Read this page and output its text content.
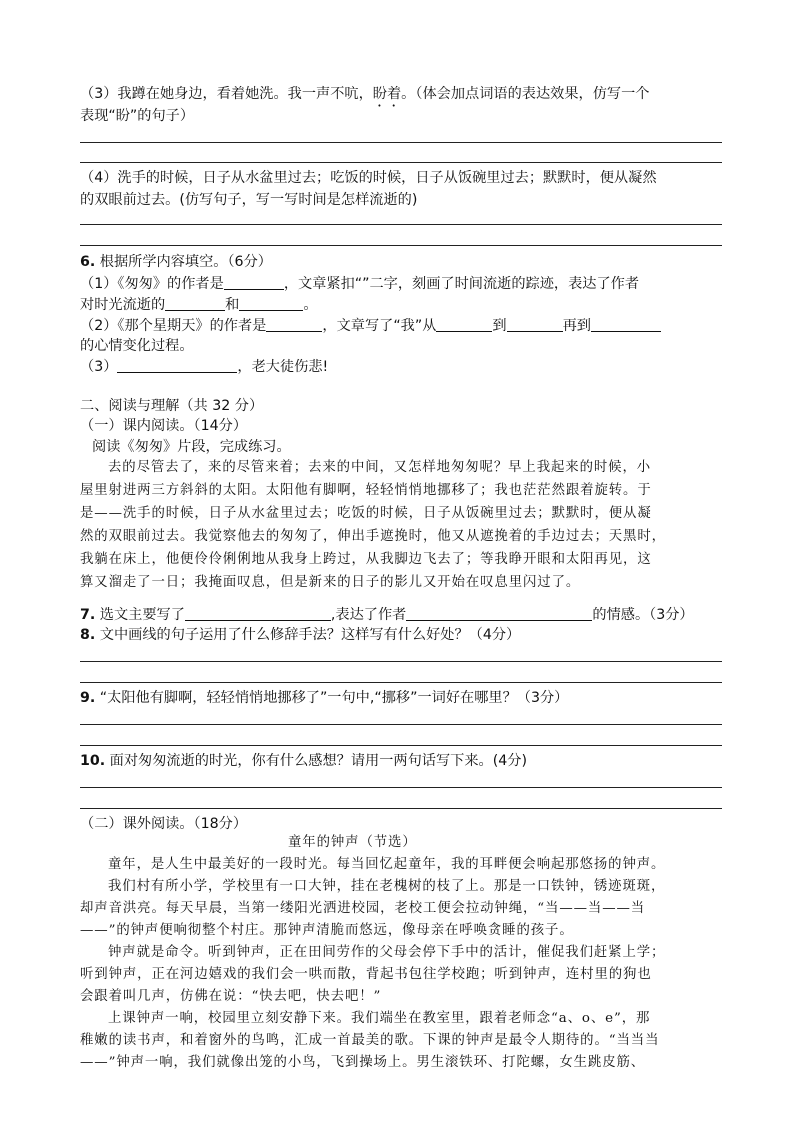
（3）我蹲在她身边，看着她洗。我一声不吭，盼着。（体会加点词语的表达效果，仿写一个
表现“盼”的句子）
（4）洗手的时候，日子从水盆里过去；吃饭的时候，日子从饭碗里过去；默默时，便从凝然
的双眼前过去。(仿写句子，写一写时间是怎样流逝的)
6. 根据所学内容填空。（6分）
（1）《匆匆》的作者是	，文章紧扣“”二字，刻画了时间流逝的踪迹，表达了作者
对时光流逝的	和	。
（2）《那个星期天》的作者是	，文章写了“我”从	到	再到
的心情变化过程。
（3）	，老大徒伤悲!
二、阅读与理解（共 32 分）
（一）课内阅读。（14分）
阅读《匆匆》片段，完成练习。
去的尽管去了，来的尽管来着；去来的中间，又怎样地匆匆呢？早上我起来的时候，小
屋里射进两三方斜斜的太阳。太阳他有脚啊，轻轻悄悄地挪移了；我也茫茫然跟着旋转。于
是——洗手的时候，日子从水盆里过去；吃饭的时候，日子从饭碗里过去；默默时，便从凝
然的双眼前过去。我觉察他去的匆匆了，伸出手遮挽时，他又从遮挽着的手边过去；天黑时，
我躺在床上，他便伶伶俐俐地从我身上跨过，从我脚边飞去了；等我睁开眼和太阳再见，这
算又溜走了一日；我掩面叹息，但是新来的日子的影儿又开始在叹息里闪过了。
7. 选文主要写了	,表达了作者	的情感。（3分）
8. 文中画线的句子运用了什么修辞手法？这样写有什么好处？（4分）
9. “太阳他有脚啊，轻轻悄悄地挪移了”一句中,“挪移”一词好在哪里？（3分）
10. 面对匆匆流逝的时光，你有什么感想？请用一两句话写下来。(4分)
（二）课外阅读。（18分）
童年的钟声（节选）
童年，是人生中最美好的一段时光。每当回忆起童年，我的耳畔便会响起那悠扬的钟声。
我们村有所小学，学校里有一口大钟，挂在老槐树的枝了上。那是一口铁钟，锈迹斑斑，
却声音洪亮。每天早晨，当第一缕阳光洒进校园，老校工便会拉动钟绳，“当——当——当
——”的钟声便响彻整个村庄。那钟声清脆而悠远，像母亲在呼唤贪睡的孩子。
钟声就是命令。听到钟声，正在田间劳作的父母会停下手中的活计，催促我们赶紧上学；
听到钟声，正在河边嬉戏的我们会一哄而散，背起书包往学校跑；听到钟声，连村里的狗也
会跟着叫几声，仿佛在说：“快去吧，快去吧！”
上课钟声一响，校园里立刻安静下来。我们端坐在教室里，跟着老师念“a、o、e”，那
稚嫩的读书声，和着窗外的鸟鸣，汇成一首最美的歌。下课的钟声是最令人期待的。“当当当
——”钟声一响，我们就像出笼的小鸟，飞到操场上。男生滚铁环、打陀螺，女生跳皮筋、
